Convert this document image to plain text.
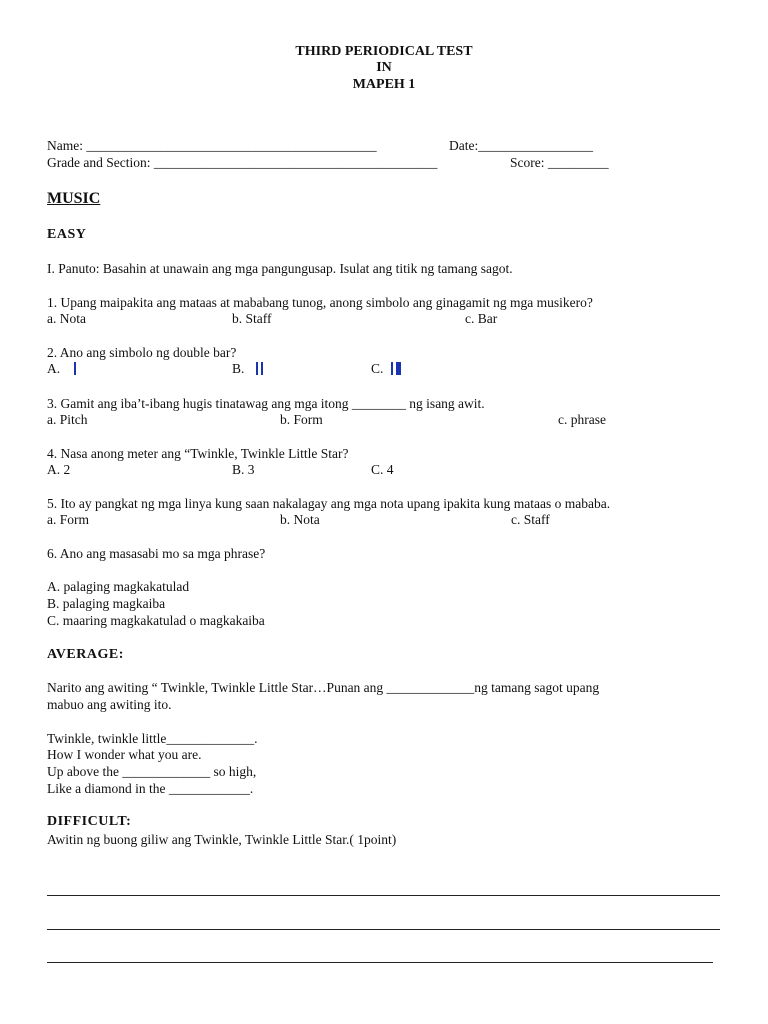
THIRD PERIODICAL TEST
IN
MAPEH 1
Name: ___________________________________________	Date:_________________
Grade and Section: __________________________________________	Score: _________
MUSIC
EASY
I. Panuto: Basahin at unawain ang mga pangungusap. Isulat ang titik ng tamang sagot.
1. Upang maipakita ang mataas at mababang tunog, anong simbolo ang ginagamit ng mga musikero?
a. Nota	b. Staff	c. Bar
2. Ano ang simbolo ng double bar?
A.	B.	C.
3. Gamit ang iba’t-ibang hugis tinatawag ang mga itong ________ ng isang awit.
a. Pitch	b. Form	c. phrase
4. Nasa anong meter ang “Twinkle, Twinkle Little Star?
A. 2	B. 3	C. 4
5. Ito ay pangkat ng mga linya kung saan nakalagay ang mga nota upang ipakita kung mataas o mababa.
a. Form	b. Nota	c. Staff
6. Ano ang masasabi mo sa mga phrase?
A. palaging magkakatulad
B. palaging magkaiba
C. maaring magkakatulad o magkakaiba
AVERAGE:
Narito ang awiting “ Twinkle, Twinkle Little Star…Punan ang _____________ng tamang sagot upang
mabuo ang awiting ito.
Twinkle, twinkle little_____________.
How I wonder what you are.
Up above the _____________ so high,
Like a diamond in the ____________.
DIFFICULT:
Awitin ng buong giliw ang Twinkle, Twinkle Little Star.( 1point)
